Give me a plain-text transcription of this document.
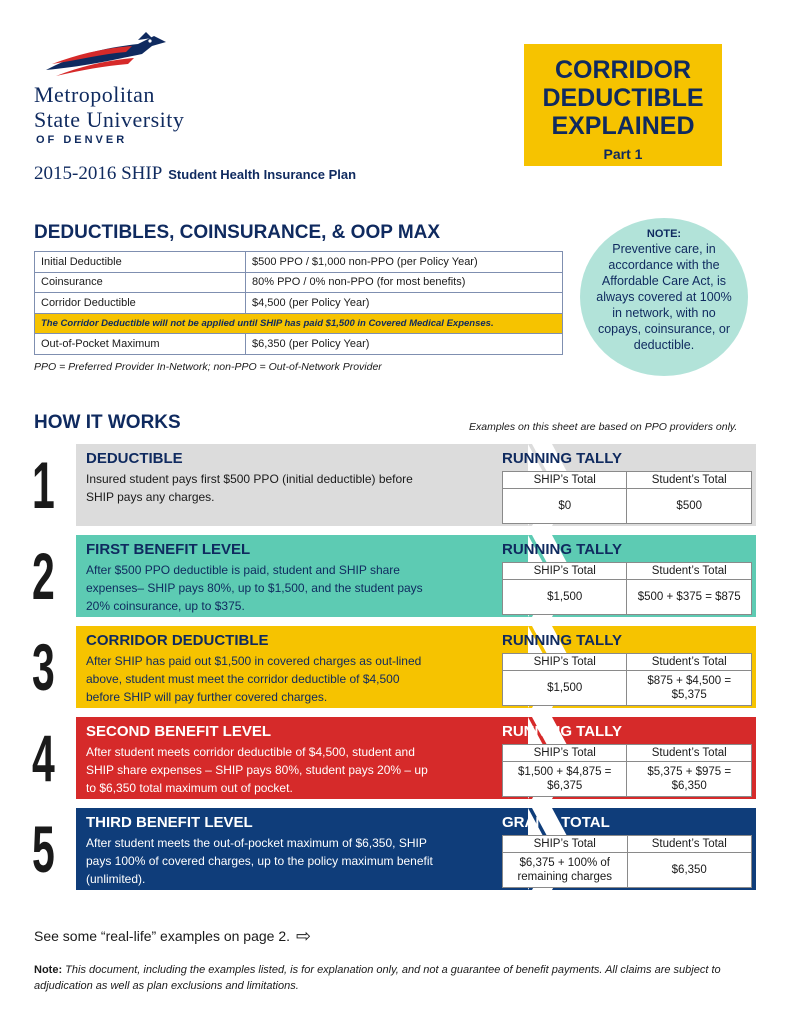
Metropolitan
State University
OF DENVER
CORRIDOR
DEDUCTIBLE
EXPLAINED
Part 1
2015-2016 SHIP Student Health Insurance Plan
DEDUCTIBLES, COINSURANCE, & OOP MAX
Initial Deductible	$500 PPO / $1,000 non-PPO (per Policy Year)
Coinsurance	80% PPO / 0% non-PPO (for most benefits)
Corridor Deductible	$4,500 (per Policy Year)
The Corridor Deductible will not be applied until SHIP has paid $1,500 in Covered Medical Expenses.	
Out-of-Pocket Maximum	$6,350 (per Policy Year)
PPO = Preferred Provider In-Network; non-PPO = Out-of-Network Provider
NOTE:
Preventive care, in accordance with the Affordable Care Act, is always covered at 100% in network, with no copays, coinsurance, or deductible.
HOW IT WORKS	Examples on this sheet are based on PPO providers only.
1 DEDUCTIBLE
Insured student pays first $500 PPO (initial deductible) before SHIP pays any charges.
RUNNING TALLY
SHIP’s Total	Student’s Total
$0	$500
2 FIRST BENEFIT LEVEL
After $500 PPO deductible is paid, student and SHIP share expenses– SHIP pays 80%, up to $1,500, and the student pays 20% coinsurance, up to $375.
RUNNING TALLY
SHIP’s Total	Student’s Total
$1,500	$500 + $375 = $875
3 CORRIDOR DEDUCTIBLE
After SHIP has paid out $1,500 in covered charges as out-lined above, student must meet the corridor deductible of $4,500 before SHIP will pay further covered charges.
RUNNING TALLY
SHIP’s Total	Student’s Total
$1,500	$875 + $4,500 = $5,375
4 SECOND BENEFIT LEVEL
After student meets corridor deductible of $4,500, student and SHIP share expenses – SHIP pays 80%, student pays 20% – up to $6,350 total maximum out of pocket.
RUNNING TALLY
SHIP’s Total	Student’s Total
$1,500 + $4,875 = $6,375	$5,375 + $975 = $6,350
5 THIRD BENEFIT LEVEL
After student meets the out-of-pocket maximum of $6,350, SHIP pays 100% of covered charges, up to the policy maximum benefit (unlimited).
GRAND TOTAL
SHIP’s Total	Student’s Total
$6,375 + 100% of remaining charges	$6,350
See some “real-life” examples on page 2. ⇨
Note: This document, including the examples listed, is for explanation only, and not a guarantee of benefit payments. All claims are subject to adjudication as well as plan exclusions and limitations.
